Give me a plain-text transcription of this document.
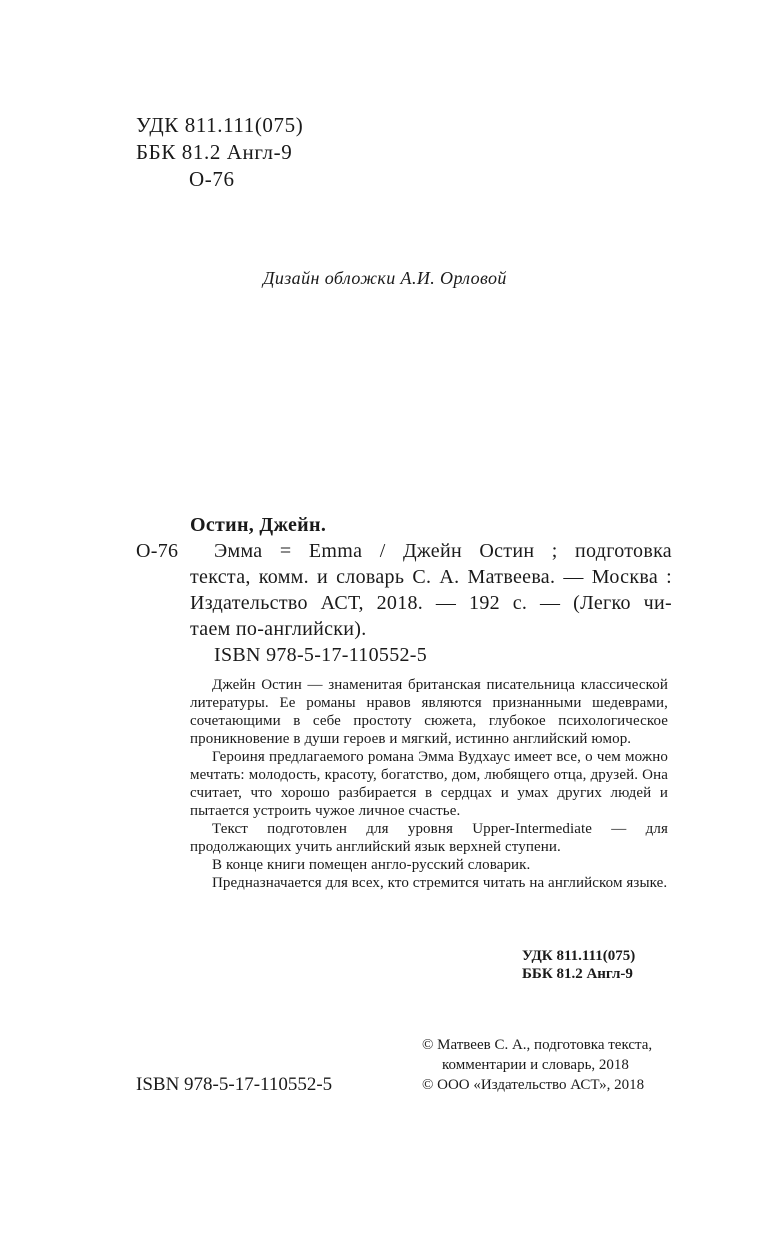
УДК 811.111(075)
ББК 81.2 Англ-9
О-76
Дизайн обложки А.И. Орловой
Остин, Джейн.
О-76	Эмма = Emma / Джейн Остин ; подготовка
текста, комм. и словарь С. А. Матвеева. — Москва :
Издательство АСТ, 2018. — 192 с. — (Легко чи-
таем по-английски).
ISBN 978-5-17-110552-5

Джейн Остин — знаменитая британская писательница классической литературы. Ее романы нравов являются признанными шедеврами, сочетающими в себе простоту сюжета, глубокое психологическое проникновение в души героев и мягкий, истинно английский юмор.

Героиня предлагаемого романа Эмма Вудхаус имеет все, о чем можно мечтать: молодость, красоту, богатство, дом, любящего отца, друзей. Она считает, что хорошо разбирается в сердцах и умах других людей и пытается устроить чужое личное счастье.

Текст подготовлен для уровня Upper-Intermediate — для продолжающих учить английский язык верхней ступени.

В конце книги помещен англо-русский словарик.

Предназначается для всех, кто стремится читать на английском языке.

УДК 811.111(075)
ББК 81.2 Англ-9
© Матвеев С. А., подготовка текста,
комментарии и словарь, 2018
© ООО «Издательство АСТ», 2018
ISBN 978-5-17-110552-5
